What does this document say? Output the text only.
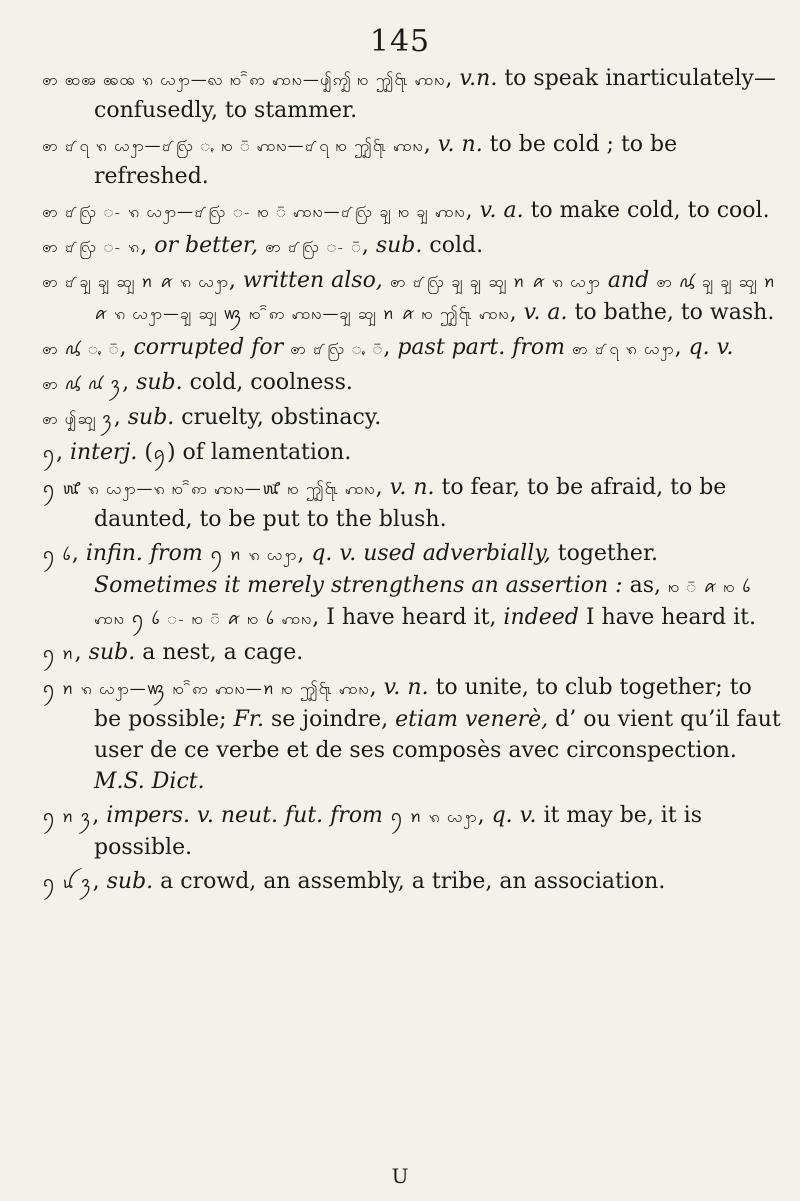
145
ꩦ ꩧꩨ ꩩꩪ ꩫ ꩬꩭ—ꩮ ꩯ ꩰꩱ ꩲꩳ—ꩴꩵ ꩯ ꩶ꩷ ꩲꩳ, v.n. to speak inarticulately—confusedly, to stammer.
ꩦ ꩸ ꩹ ꩫ ꩬꩭ—꩸ ꩺ ꩻ ꩯ ꩼ ꩲꩳ—꩸ ꩹ ꩯ ꩶ꩷ ꩲꩳ, v. n. to be cold ; to be refreshed.
ꩦ ꩸ ꩺ ꩽ ꩫ ꩬꩭ—꩸ ꩺ ꩽ ꩯ ꩼ ꩲꩳ—꩸ ꩺ ꩾ ꩯ ꩾ ꩲꩳ, v. a. to make cold, to cool.
ꩦ ꩸ ꩺ ꩽ ꩫ, or better, ꩦ ꩸ ꩺ ꩽ ꩼ, sub. cold.
ꩦ ꩸ ꩾ ꩾ ꩿ ꪀ ꪁ ꩫ ꩬꩭ, written also, ꩦ ꩸ ꩺ ꩾ ꩾ ꩿ ꪀ ꪁ ꩫ ꩬꩭ and ꩦ ꪂ ꩾ ꩾ ꩿ ꪀ ꪁ ꩫ ꩬꩭ—ꩾ ꩿ ꪃ ꩯ ꩰꩱ ꩲꩳ—ꩾ ꩿ ꪀ ꪁ ꩯ ꩶ꩷ ꩲꩳ, v. a. to bathe, to wash.
ꩦ ꪂ ꩻ ꩼ, corrupted for ꩦ ꩸ ꩺ ꩻ ꩼ, past part. from ꩦ ꩸ ꩹ ꩫ ꩬꩭ, q. v.
ꩦ ꪂ ꪄ ꪅ, sub. cold, coolness.
ꩦ ꩴꩿ ꪅ, sub. cruelty, obstinacy.
ꪆ, interj. (ꪇ) of lamentation.
ꪆ ꪈ ꩫ ꩬꩭ—ꩫ ꩯ ꩰꩱ ꩲꩳ—ꪈ ꩯ ꩶ꩷ ꩲꩳ, v. n. to fear, to be afraid, to be daunted, to be put to the blush.
ꪆ ꪉ, infin. from ꪆ ꪀ ꩫ ꩬꩭ, q. v. used adverbially, together. Sometimes it merely strengthens an assertion : as, ꩯ ꩼ ꪁ ꩯ ꪉ ꩲꩳ ꪆ ꪉ ꩽ ꩯ ꩼ ꪁ ꩯ ꪉ ꩲꩳ, I have heard it, indeed I have heard it.
ꪆ ꪀ, sub. a nest, a cage.
ꪆ ꪀ ꩫ ꩬꩭ—ꪃ ꩯ ꩰꩱ ꩲꩳ—ꪀ ꩯ ꩶ꩷ ꩲꩳ, v. n. to unite, to club together; to be possible; Fr. se joindre, etiam venerè, d’ ou vient qu’il faut user de ce verbe et de ses composès avec circonspection. M.S. Dict.
ꪆ ꪀ ꪅ, impers. v. neut. fut. from ꪆ ꪀ ꩫ ꩬꩭ, q. v. it may be, it is possible.
ꪆ ꪊ ꪅ, sub. a crowd, an assembly, a tribe, an association.
U
